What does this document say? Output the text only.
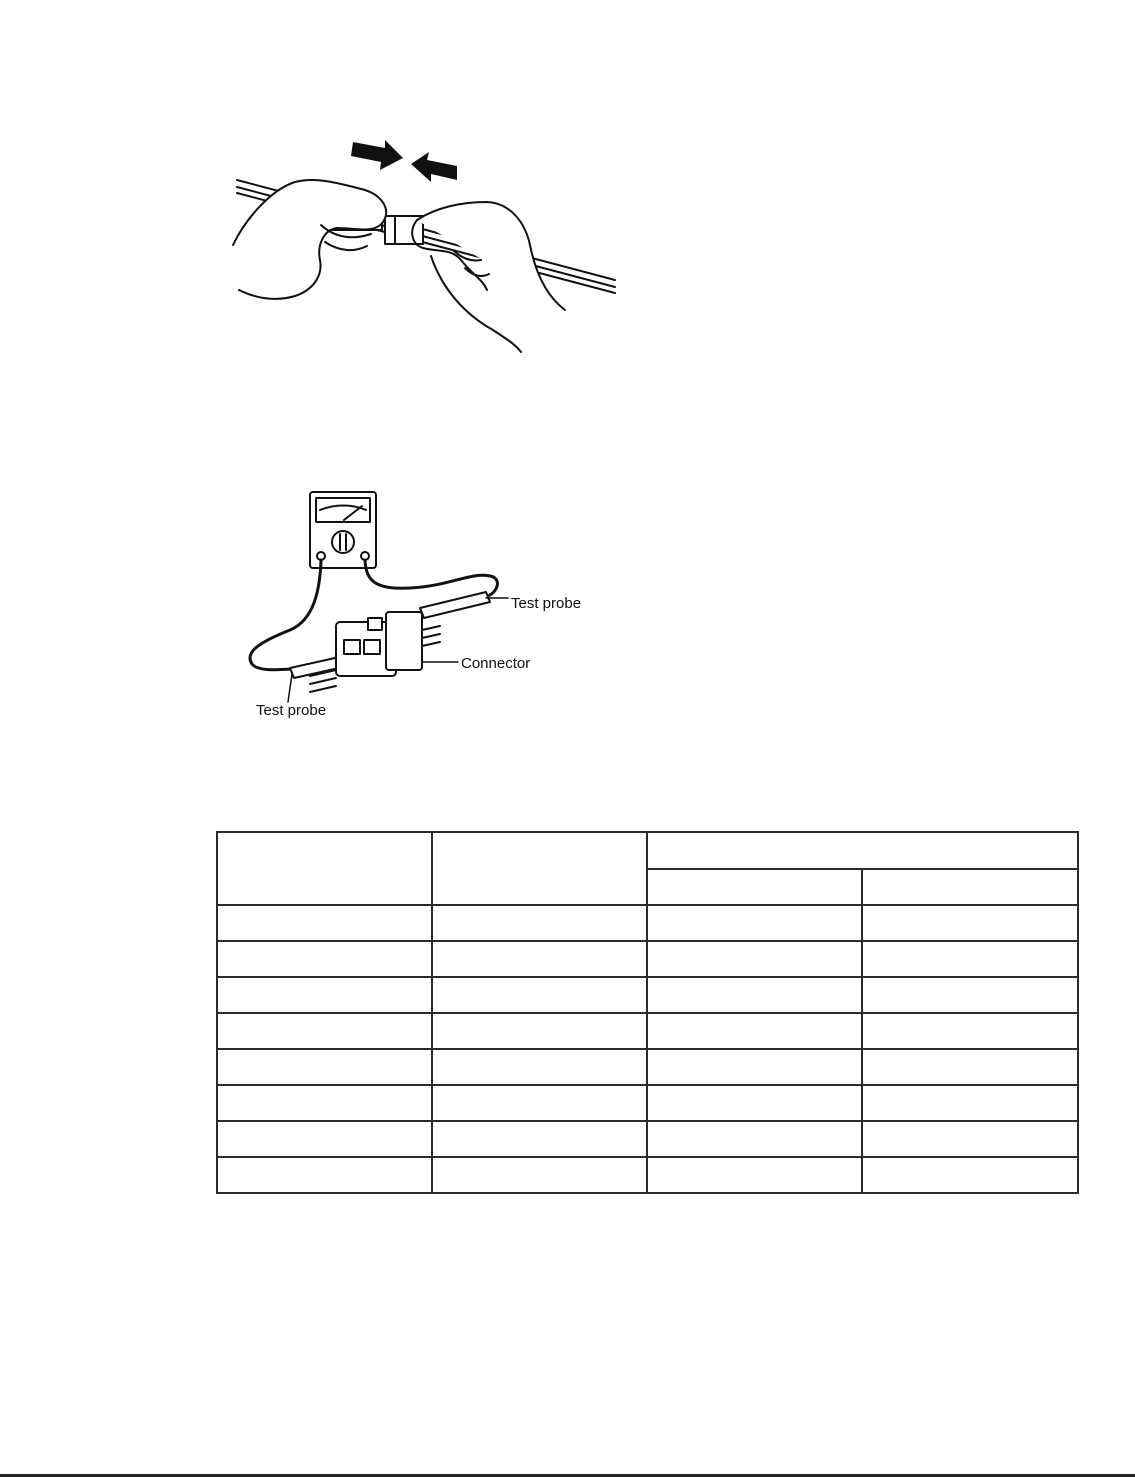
Test probe
Connector
Test probe
